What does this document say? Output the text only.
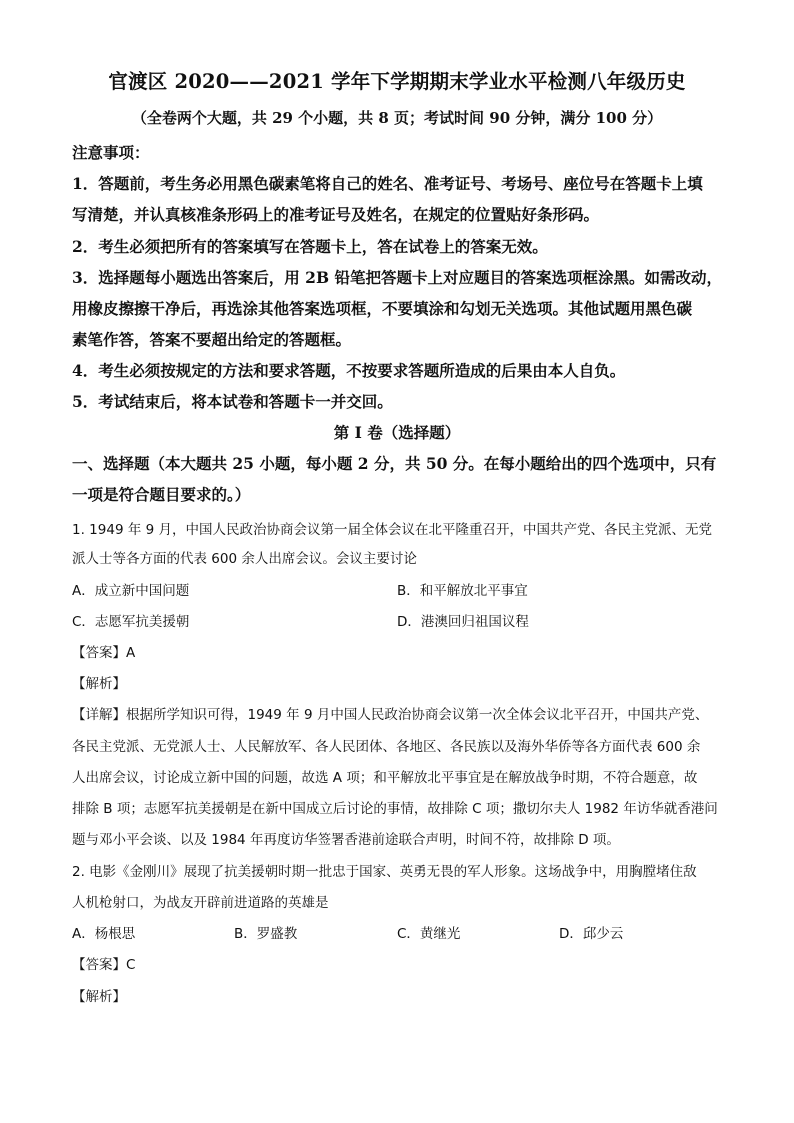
官渡区 2020——2021 学年下学期期末学业水平检测八年级历史
（全卷两个大题，共 29 个小题，共 8 页；考试时间 90 分钟，满分 100 分）
注意事项：
1．答题前，考生务必用黑色碳素笔将自己的姓名、准考证号、考场号、座位号在答题卡上填
写清楚，并认真核准条形码上的准考证号及姓名，在规定的位置贴好条形码。
2．考生必须把所有的答案填写在答题卡上，答在试卷上的答案无效。
3．选择题每小题选出答案后，用 2B 铅笔把答题卡上对应题目的答案选项框涂黑。如需改动，
用橡皮擦擦干净后，再选涂其他答案选项框，不要填涂和勾划无关选项。其他试题用黑色碳
素笔作答，答案不要超出给定的答题框。
4．考生必须按规定的方法和要求答题，不按要求答题所造成的后果由本人自负。
5．考试结束后，将本试卷和答题卡一并交回。
第 I 卷（选择题）
一、选择题（本大题共 25 小题，每小题 2 分，共 50 分。在每小题给出的四个选项中，只有
一项是符合题目要求的。）
1. 1949 年 9 月，中国人民政治协商会议第一届全体会议在北平隆重召开，中国共产党、各民主党派、无党
派人士等各方面的代表 600 余人出席会议。会议主要讨论
A．成立新中国问题	B．和平解放北平事宜
C．志愿军抗美援朝	D．港澳回归祖国议程
【答案】A
【解析】
【详解】根据所学知识可得，1949 年 9 月中国人民政治协商会议第一次全体会议北平召开，中国共产党、
各民主党派、无党派人士、人民解放军、各人民团体、各地区、各民族以及海外华侨等各方面代表 600 余
人出席会议，讨论成立新中国的问题，故选 A 项；和平解放北平事宜是在解放战争时期，不符合题意，故
排除 B 项；志愿军抗美援朝是在新中国成立后讨论的事情，故排除 C 项；撒切尔夫人 1982 年访华就香港问
题与邓小平会谈、以及 1984 年再度访华签署香港前途联合声明，时间不符，故排除 D 项。
2. 电影《金刚川》展现了抗美援朝时期一批忠于国家、英勇无畏的军人形象。这场战争中，用胸膛堵住敌
人机枪射口，为战友开辟前进道路的英雄是
A．杨根思	B．罗盛教	C．黄继光	D．邱少云
【答案】C
【解析】
